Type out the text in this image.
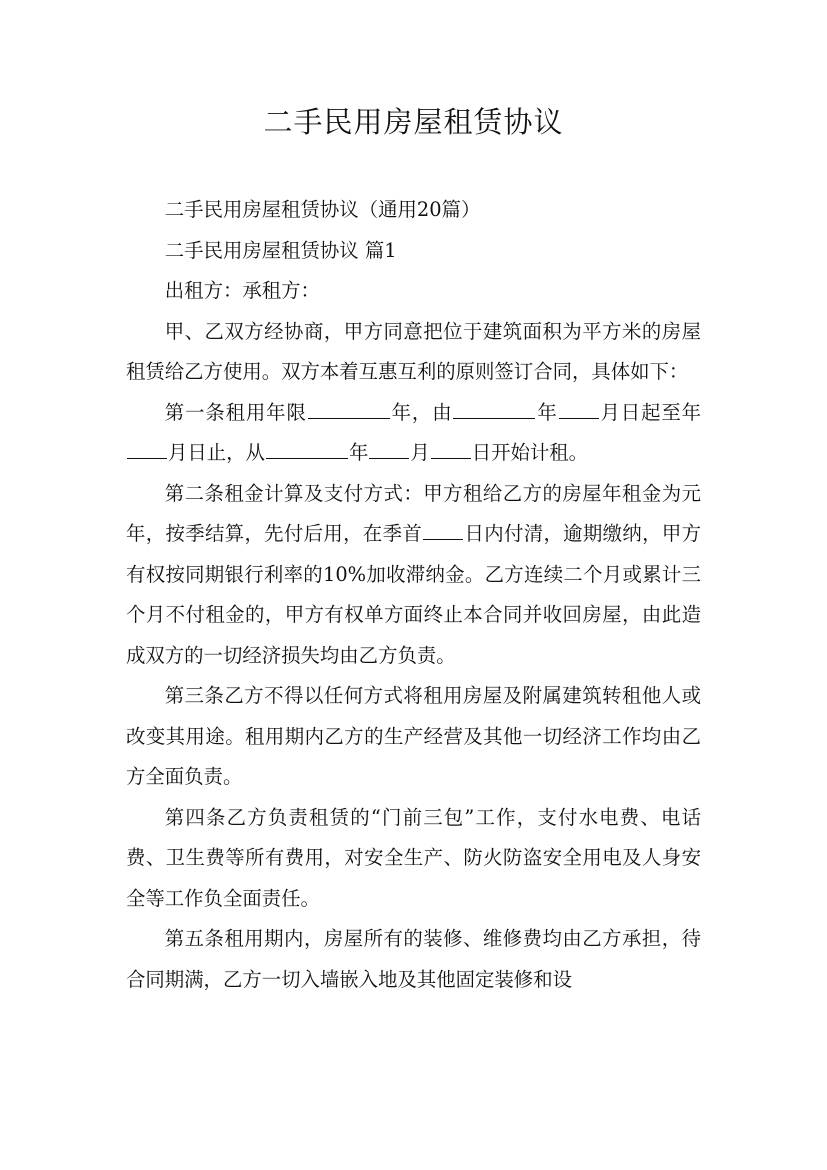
二手民用房屋租赁协议

二手民用房屋租赁协议（通用20篇）

二手民用房屋租赁协议 篇1

出租方：承租方：

甲、乙双方经协商，甲方同意把位于建筑面积为平方米的房屋租赁给乙方使用。双方本着互惠互利的原则签订合同，具体如下：

第一条租用年限	年，由	年 月日起至年月日止，从	年 月 日开始计租。

第二条租金计算及支付方式：甲方租给乙方的房屋年租金为元年，按季结算，先付后用，在季首 日内付清，逾期缴纳，甲方有权按同期银行利率的10%加收滞纳金。乙方连续二个月或累计三个月不付租金的，甲方有权单方面终止本合同并收回房屋，由此造成双方的一切经济损失均由乙方负责。

第三条乙方不得以任何方式将租用房屋及附属建筑转租他人或改变其用途。租用期内乙方的生产经营及其他一切经济工作均由乙方全面负责。

第四条乙方负责租赁的“门前三包”工作，支付水电费、电话费、卫生费等所有费用，对安全生产、防火防盗安全用电及人身安全等工作负全面责任。

第五条租用期内，房屋所有的装修、维修费均由乙方承担，待合同期满，乙方一切入墙嵌入地及其他固定装修和设
